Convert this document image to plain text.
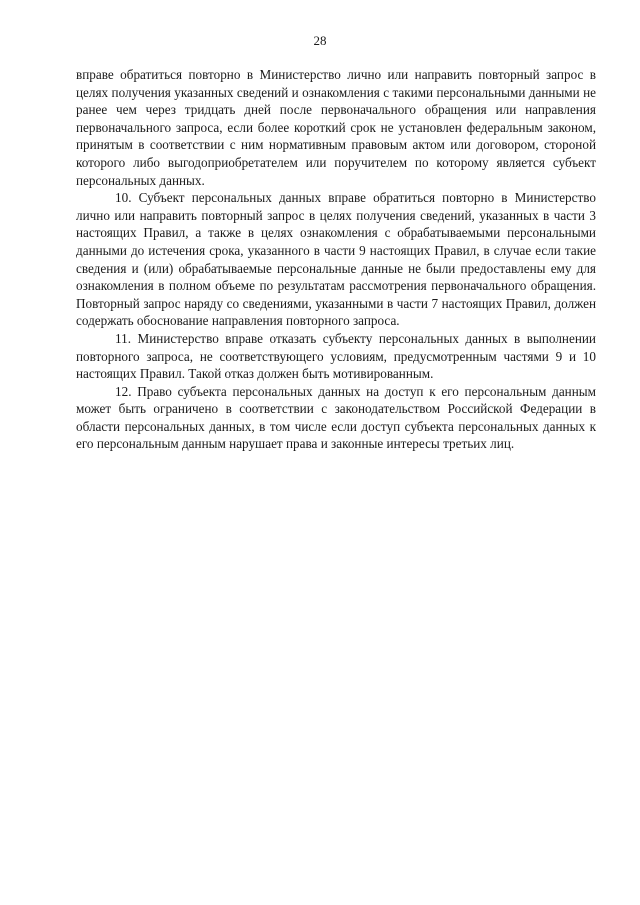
28

вправе обратиться повторно в Министерство лично или направить повторный запрос в целях получения указанных сведений и ознакомления с такими персональными данными не ранее чем через тридцать дней после первоначального обращения или направления первоначального запроса, если более короткий срок не установлен федеральным законом, принятым в соответствии с ним нормативным правовым актом или договором, стороной которого либо выгодоприобретателем или поручителем по которому является субъект персональных данных.

10. Субъект персональных данных вправе обратиться повторно в Министерство лично или направить повторный запрос в целях получения сведений, указанных в части 3 настоящих Правил, а также в целях ознакомления с обрабатываемыми персональными данными до истечения срока, указанного в части 9 настоящих Правил, в случае если такие сведения и (или) обрабатываемые персональные данные не были предоставлены ему для ознакомления в полном объеме по результатам рассмотрения первоначального обращения. Повторный запрос наряду со сведениями, указанными в части 7 настоящих Правил, должен содержать обоснование направления повторного запроса.

11. Министерство вправе отказать субъекту персональных данных в выполнении повторного запроса, не соответствующего условиям, предусмотренным частями 9 и 10 настоящих Правил. Такой отказ должен быть мотивированным.

12. Право субъекта персональных данных на доступ к его персональным данным может быть ограничено в соответствии с законодательством Российской Федерации в области персональных данных, в том числе если доступ субъекта персональных данных к его персональным данным нарушает права и законные интересы третьих лиц.
